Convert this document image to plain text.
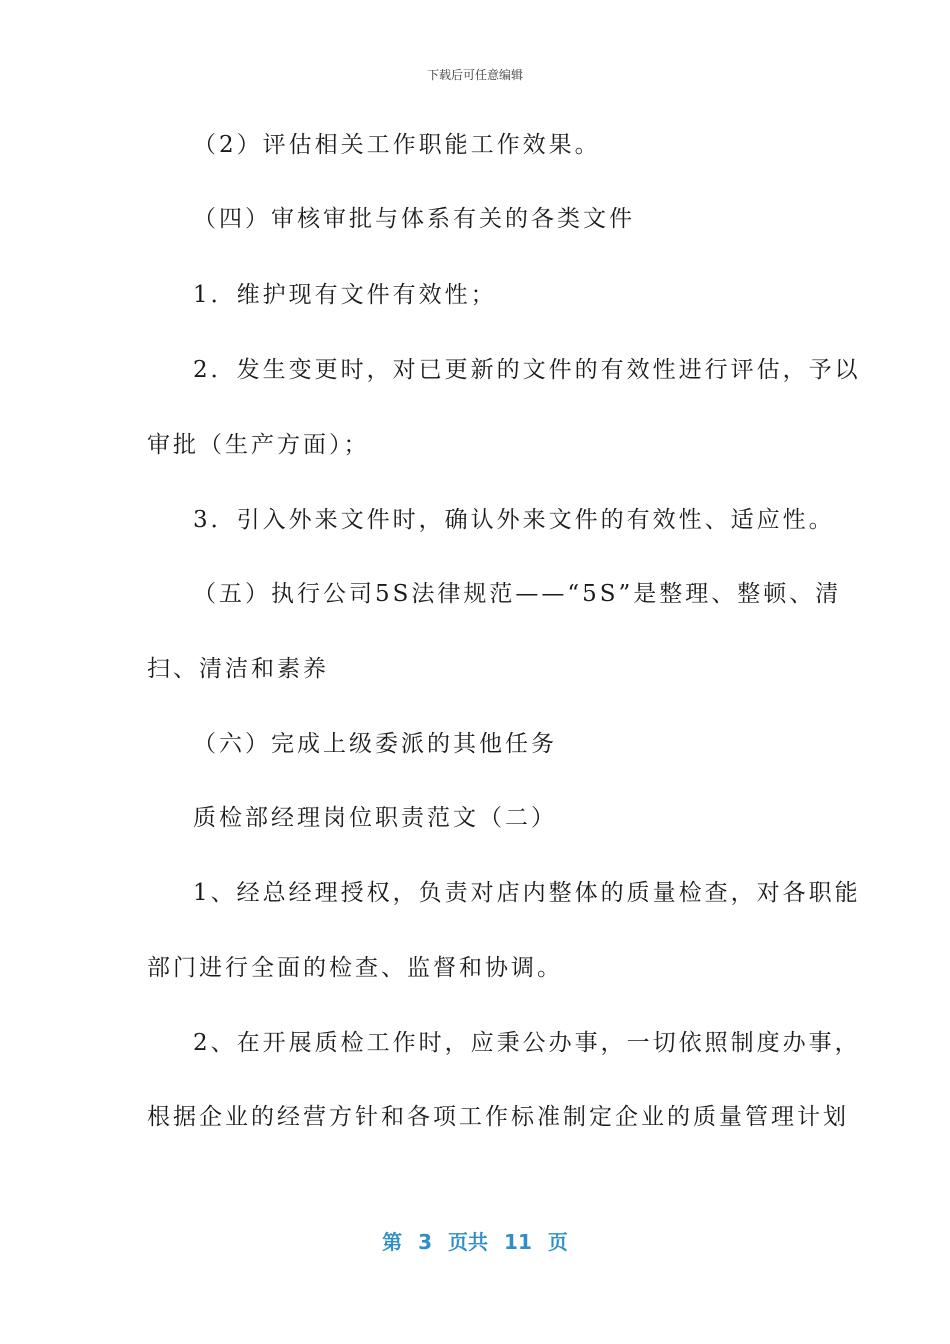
下载后可任意编辑
（2）评估相关工作职能工作效果。
（四）审核审批与体系有关的各类文件
1．维护现有文件有效性；
2．发生变更时，对已更新的文件的有效性进行评估，予以
审批（生产方面）；
3．引入外来文件时，确认外来文件的有效性、适应性。
（五）执行公司5S法律规范——“5S”是整理、整顿、清
扫、清洁和素养
（六）完成上级委派的其他任务
质检部经理岗位职责范文（二）
1、经总经理授权，负责对店内整体的质量检查，对各职能
部门进行全面的检查、监督和协调。
2、在开展质检工作时，应秉公办事，一切依照制度办事，
根据企业的经营方针和各项工作标准制定企业的质量管理计划
第 3 页共 11 页
